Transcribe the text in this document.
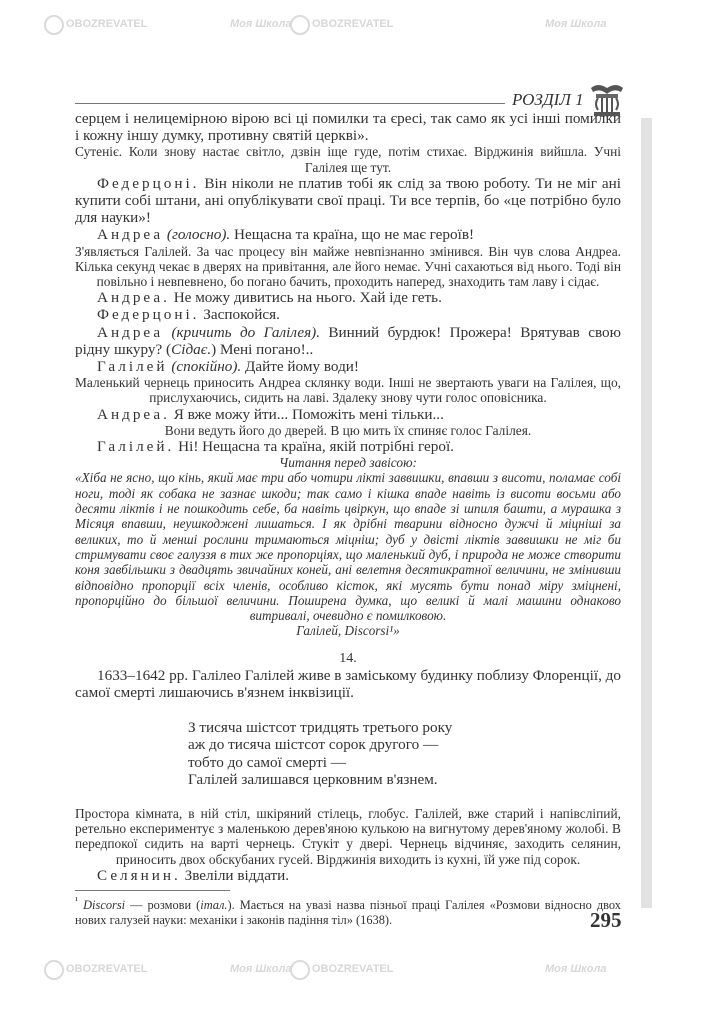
РОЗДІЛ 1

серцем і нелицемірною вірою всі ці помилки та єресі, так само як усі інші помилки і кожну іншу думку, противну святій церкві».

Сутеніє. Коли знову настає світло, дзвін іще гуде, потім стихає. Вірджинія вийшла. Учні Галілея ще тут.

Федерцоні. Він ніколи не платив тобі як слід за твою роботу. Ти не міг ані купити собі штани, ані опублікувати свої праці. Ти все терпів, бо «це потрібно було для науки»!

Андреа (голосно). Нещасна та країна, що не має героїв!

З'являється Галілей. За час процесу він майже невпізнанно змінився. Він чув слова Андреа. Кілька секунд чекає в дверях на привітання, але його немає. Учні сахаються від нього. Тоді він повільно і невпевнено, бо погано бачить, проходить наперед, знаходить там лаву і сідає.

Андреа. Не можу дивитись на нього. Хай іде геть.

Федерцоні. Заспокойся.

Андреа (кричить до Галілея). Винний бурдюк! Прожера! Врятував свою рідну шкуру? (Сідає.) Мені погано!..

Галілей (спокійно). Дайте йому води!

Маленький чернець приносить Андреа склянку води. Інші не звертають уваги на Галілея, що, прислухаючись, сидить на лаві. Здалеку знову чути голос оповісника.

Андреа. Я вже можу йти... Поможіть мені тільки...

Вони ведуть його до дверей. В цю мить їх спиняє голос Галілея.

Галілей. Ні! Нещасна та країна, якій потрібні герої.

Читання перед завісою:

«Хіба не ясно, що кінь, який має три або чотири лікті заввишки, впавши з висоти, поламає собі ноги, тоді як собака не зазнає шкоди; так само і кішка впаде навіть із висоти восьми або десяти ліктів і не пошкодить себе, ба навіть цвіркун, що впаде зі шпиля башти, а мурашка з Місяця впавши, неушкоджені лишаться. І як дрібні тварини відносно дужчі й міцніші за великих, то й менші рослини тримаються міцніш; дуб у двісті ліктів заввишки не міг би стримувати своє галуззя в тих же пропорціях, що маленький дуб, і природа не може створити коня завбільшки з двадцять звичайних коней, ані велетня десятикратної величини, не змінивши відповідно пропорції всіх членів, особливо кісток, які мусять бути понад міру зміцнені, пропорційно до більшої величини. Поширена думка, що великі й малі машини однаково витривалі, очевидно є помилковою.

Галілей, Discorsi¹»

14.

1633–1642 рр. Галілео Галілей живе в заміському будинку поблизу Флоренції, до самої смерті лишаючись в'язнем інквізиції.

З тисяча шістсот тридцять третього року
аж до тисяча шістсот сорок другого —
тобто до самої смерті —
Галілей залишався церковним в'язнем.

Простора кімната, в ній стіл, шкіряний стілець, глобус. Галілей, вже старий і напівсліпий, ретельно експериментує з маленькою дерев'яною кулькою на вигнутому дерев'яному жолобі. В передпокої сидить на варті чернець. Стукіт у двері. Чернець відчиняє, заходить селянин, приносить двох обскубаних гусей. Вірджинія виходить із кухні, їй уже під сорок.

Селянин. Звеліли віддати.

$^{^1}$ Discorsi — розмови (італ.). Мається на увазі назва пізньої праці Галілея «Розмови відносно двох нових галузей науки: механіки і законів падіння тіл» (1638).	295
OBOZREVATEL	Моя Школа OBOZREVATEL	Моя Школа
OBOZREVATEL	Моя Школа OBOZREVATEL	Моя Школа
